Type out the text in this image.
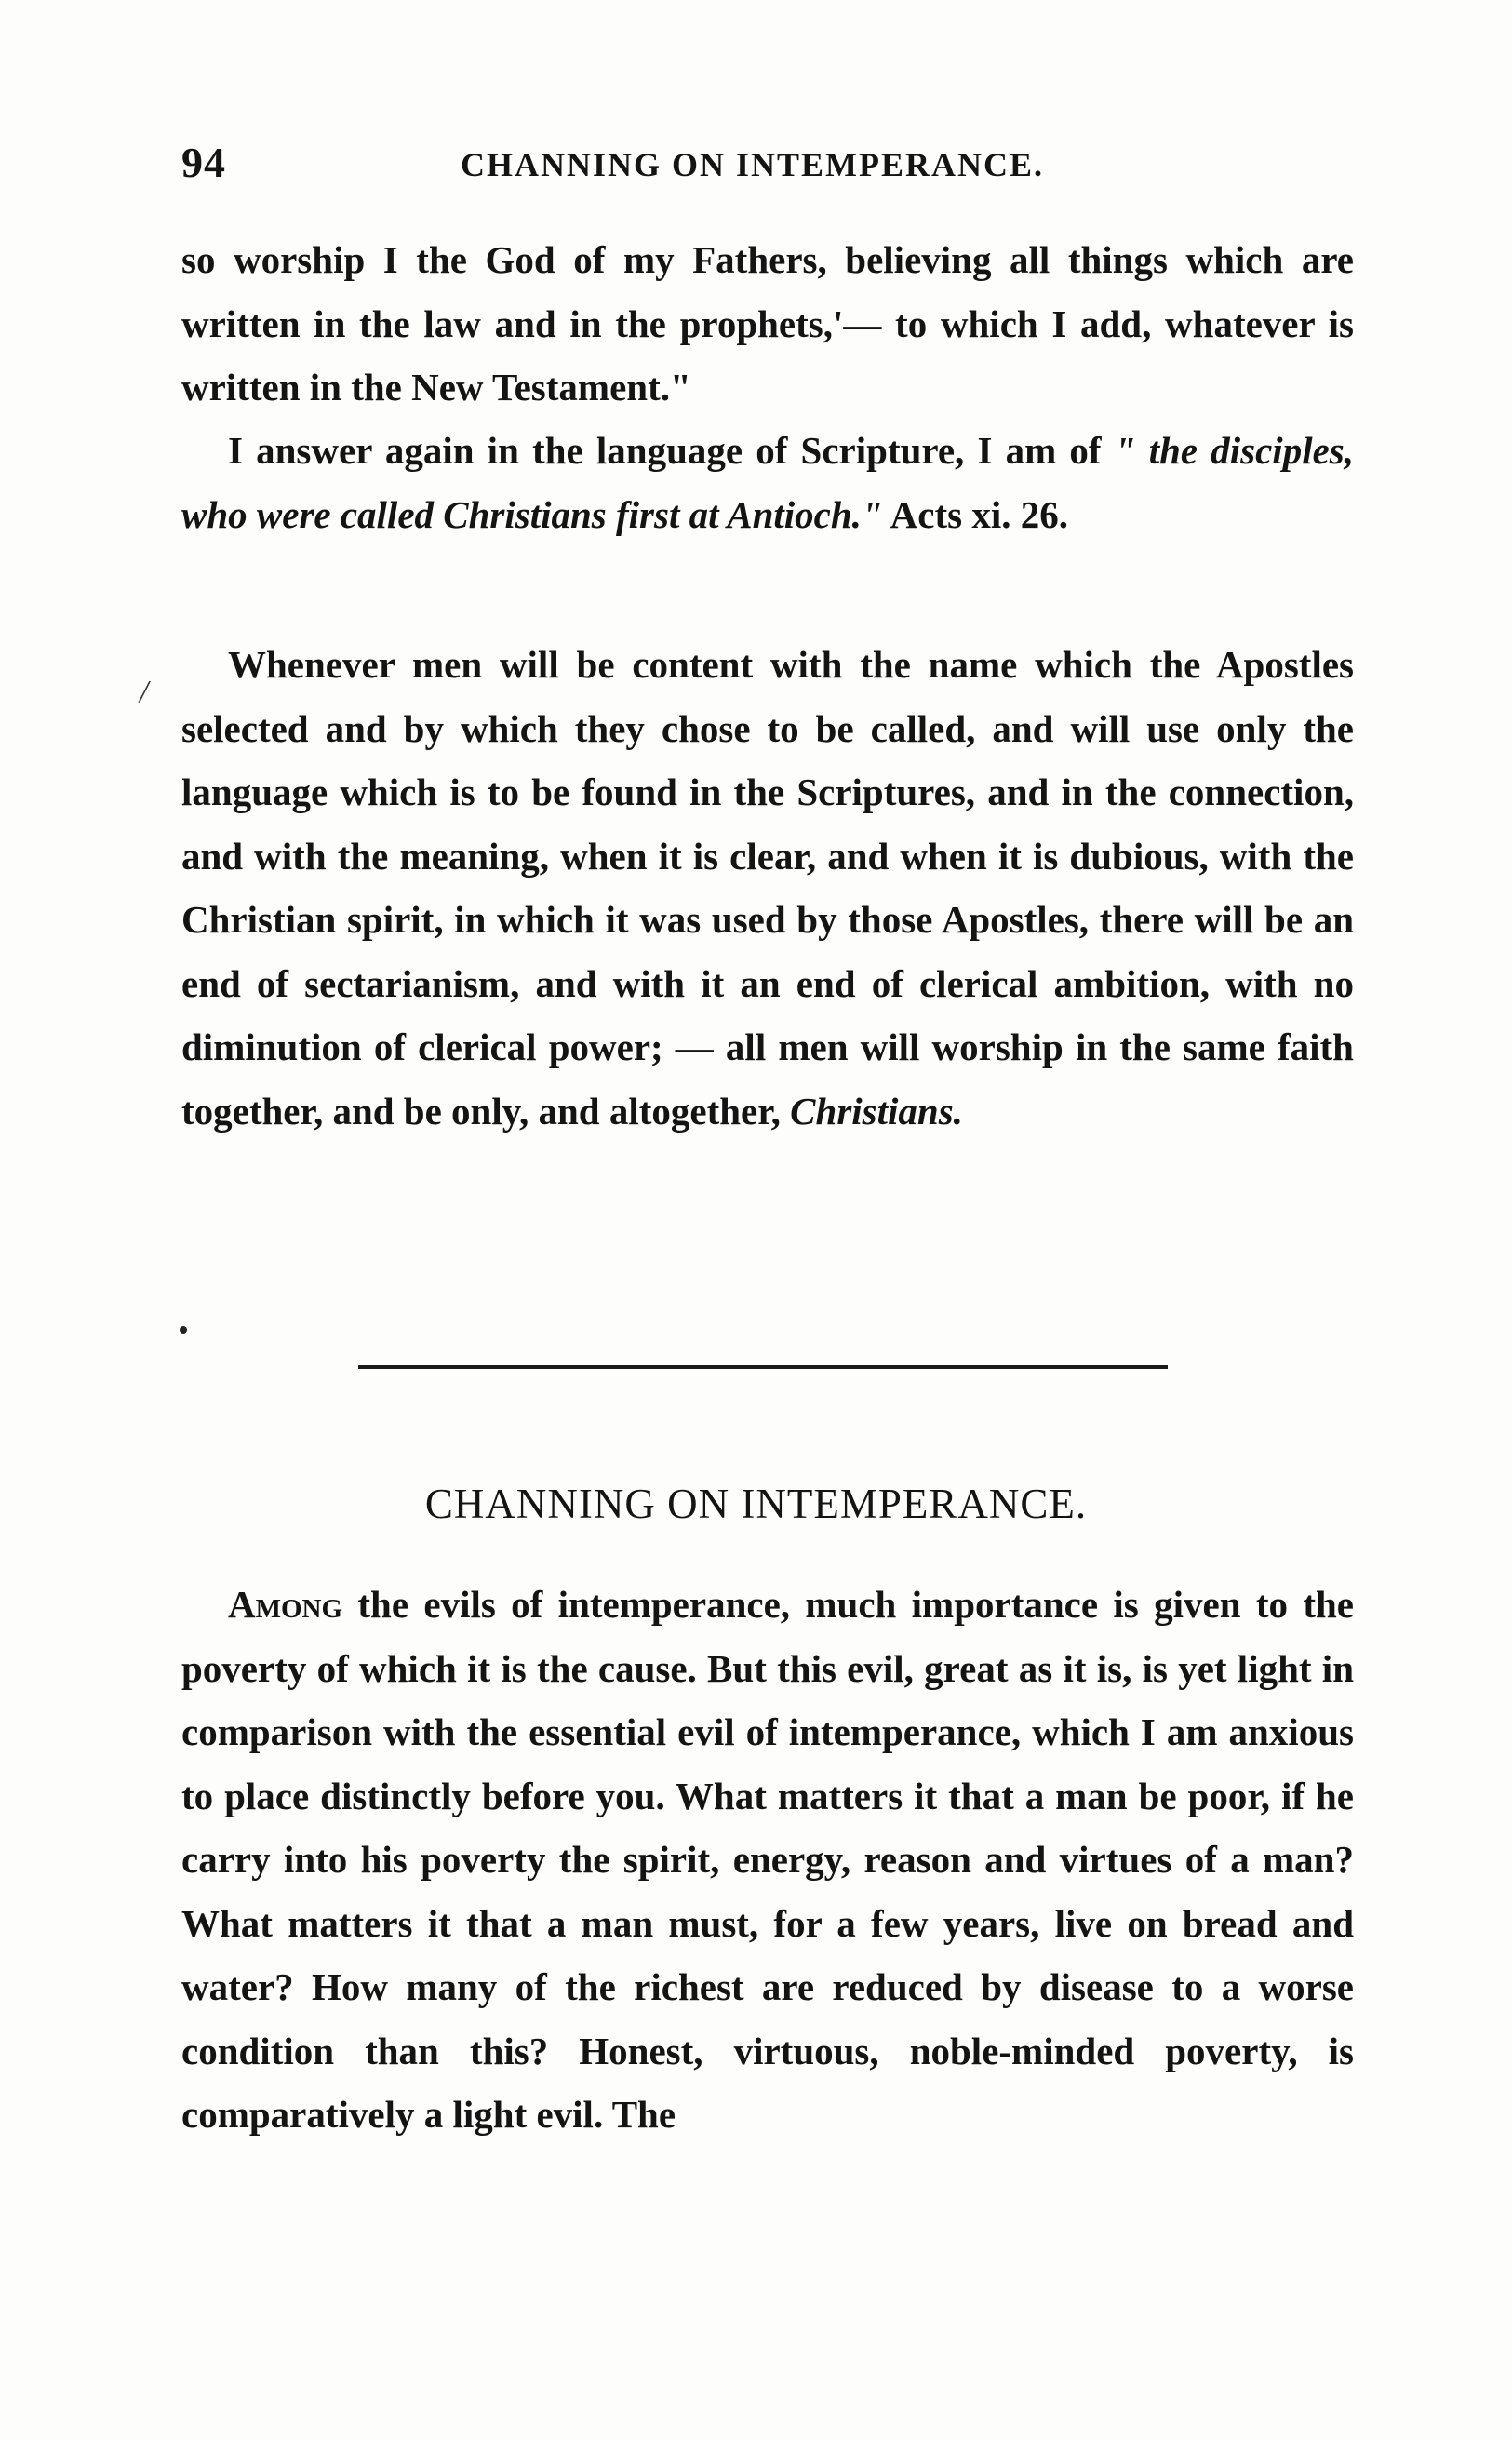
94	CHANNING ON INTEMPERANCE.

so worship I the God of my Fathers, believing all things which are written in the law and in the prophets,'— to which I add, whatever is written in the New Testament."

I answer again in the language of Scripture, I am of " the disciples, who were called Christians first at Antioch." Acts xi. 26.

/

Whenever men will be content with the name which the Apostles selected and by which they chose to be called, and will use only the language which is to be found in the Scriptures, and in the connection, and with the meaning, when it is clear, and when it is dubious, with the Christian spirit, in which it was used by those Apostles, there will be an end of sectarianism, and with it an end of clerical ambition, with no diminution of clerical power; — all men will worship in the same faith together, and be only, and altogether, Christians.

CHANNING ON INTEMPERANCE.

Among the evils of intemperance, much importance is given to the poverty of which it is the cause. But this evil, great as it is, is yet light in comparison with the essential evil of intemperance, which I am anxious to place distinctly before you. What matters it that a man be poor, if he carry into his poverty the spirit, energy, reason and virtues of a man? What matters it that a man must, for a few years, live on bread and water? How many of the richest are reduced by disease to a worse condition than this? Honest, virtuous, noble-minded poverty, is comparatively a light evil. The
